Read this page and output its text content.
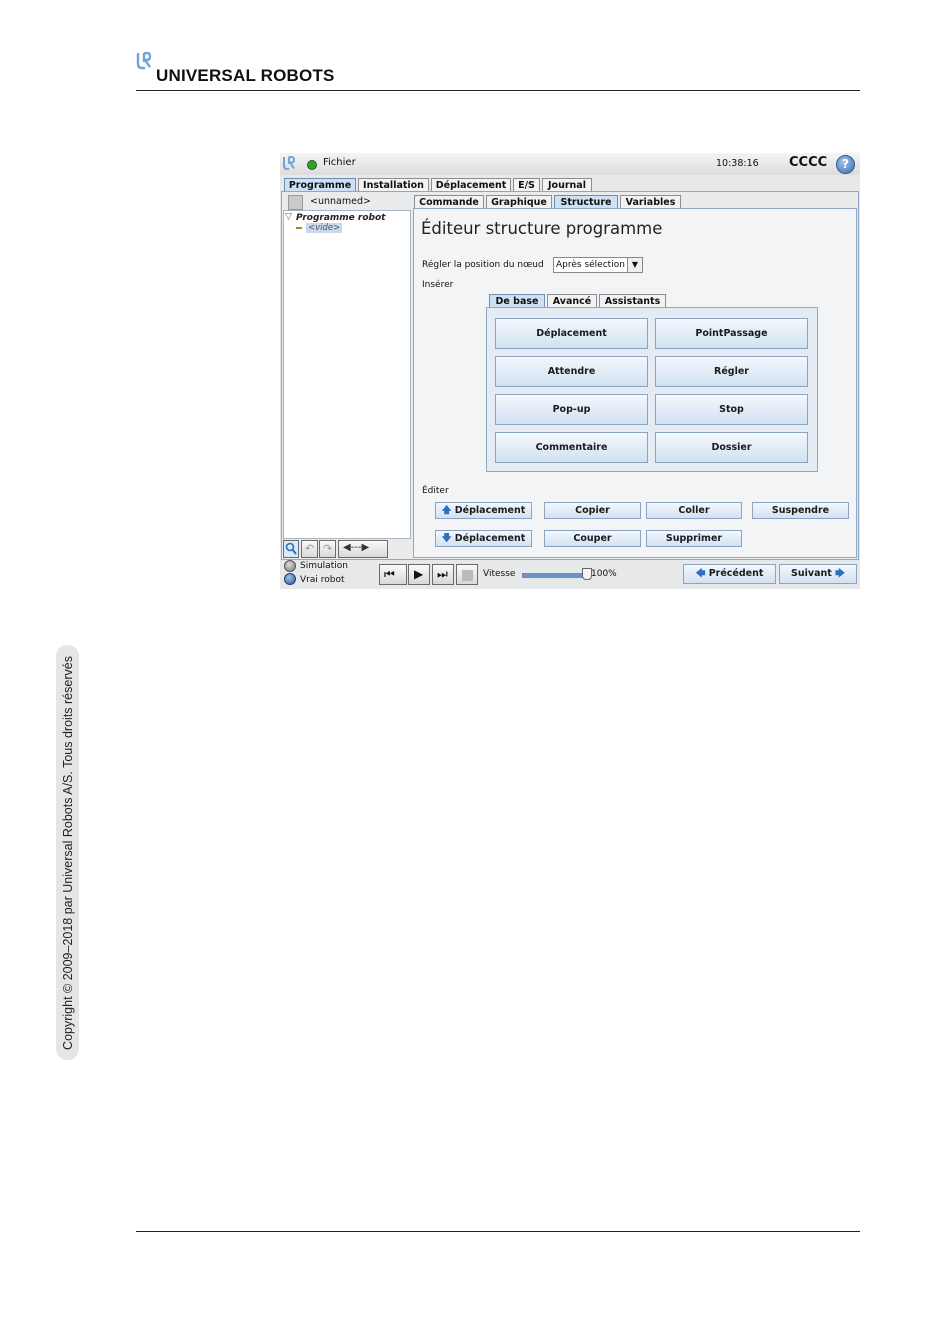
UNIVERSAL ROBOTS
Copyright © 2009–2018 par Universal Robots A/S. Tous droits réservés
Fichier	10:38:16 CCCC	?
Programme	Installation	Déplacement	E/S	Journal
<unnamed>
▽ Programme robot
<vide>
↶ ↷ ◀---▶
Commande	Graphique	Structure	Variables
Éditeur structure programme
Régler la position du nœud Après sélection ▼
Insérer
De base	Avancé	Assistants
Déplacement	PointPassage
Attendre	Régler
Pop-up	Stop
Commentaire	Dossier
Éditer
🡅 Déplacement	Copier	Coller	Suspendre
🡇 Déplacement	Couper	Supprimer
Simulation
Vrai robot	⏮ ▶ ⏭	Vitesse	100%	🡄 Précédent	Suivant 🡆
